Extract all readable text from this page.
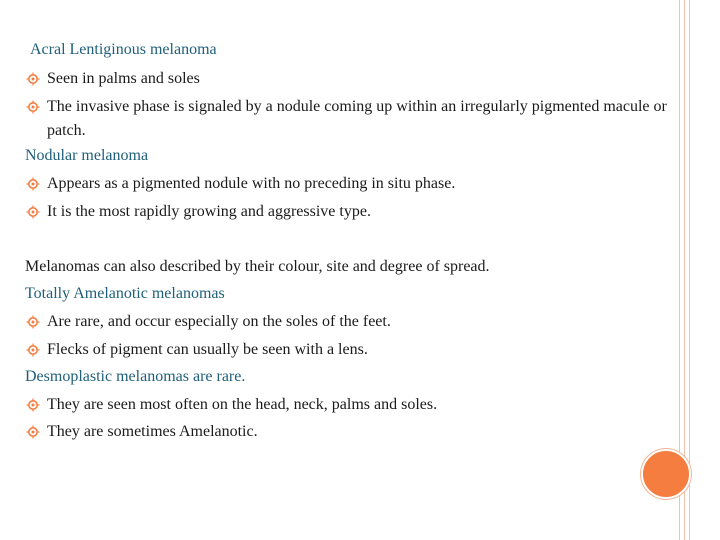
Acral Lentiginous melanoma
Seen in palms and soles
The invasive phase is signaled by a nodule coming up within an irregularly pigmented macule or patch.
Nodular melanoma
Appears as a pigmented nodule with no preceding in situ phase.
It is the most rapidly growing and aggressive type.
Melanomas can also described by their colour, site and degree of spread.
Totally Amelanotic melanomas
Are rare, and occur especially on the soles of the feet.
Flecks of pigment can usually be seen with a lens.
Desmoplastic melanomas are rare.
They are seen most often on the head, neck, palms and soles.
They are sometimes Amelanotic.
